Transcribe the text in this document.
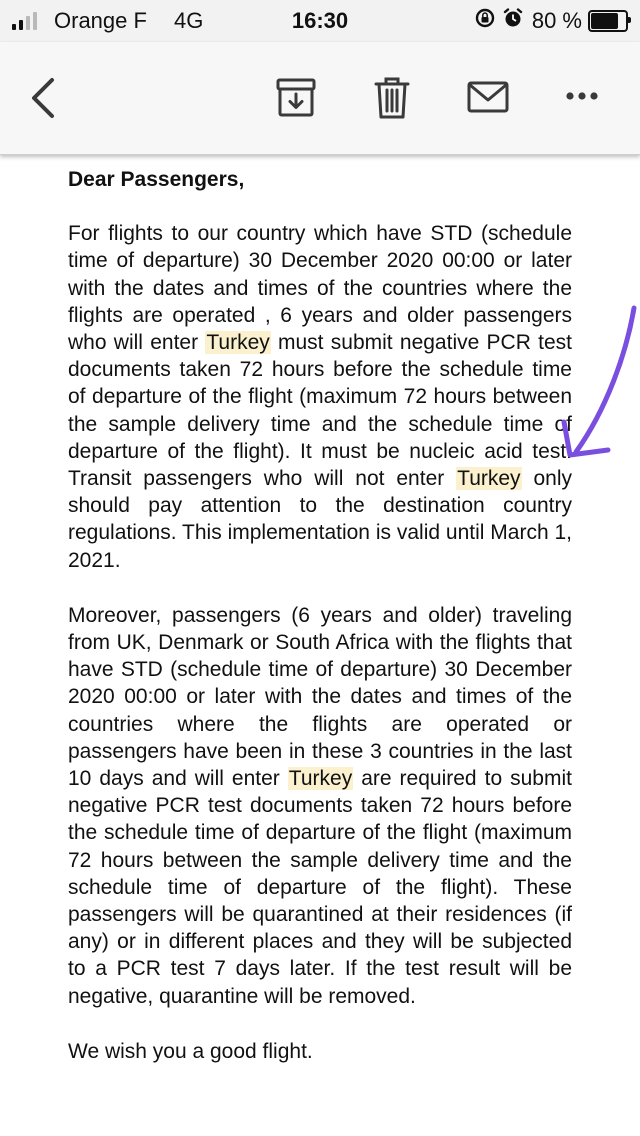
Orange F 4G	16:30	80 %

Dear Passengers,

For flights to our country which have STD (schedule time of departure) 30 December 2020 00:00 or later with the dates and times of the countries where the flights are operated , 6 years and older passengers who will enter Turkey must submit negative PCR test documents taken 72 hours before the schedule time of departure of the flight (maximum 72 hours between the sample delivery time and the schedule time of departure of the flight). It must be nucleic acid test. Transit passengers who will not enter Turkey only should pay attention to the destination country regulations. This implementation is valid until March 1, 2021.

Moreover, passengers (6 years and older) traveling from UK, Denmark or South Africa with the flights that have STD (schedule time of departure) 30 December 2020 00:00 or later with the dates and times of the countries where the flights are operated or passengers have been in these 3 countries in the last 10 days and will enter Turkey are required to submit negative PCR test documents taken 72 hours before the schedule time of departure of the flight (maximum 72 hours between the sample delivery time and the schedule time of departure of the flight). These passengers will be quarantined at their residences (if any) or in different places and they will be subjected to a PCR test 7 days later. If the test result will be negative, quarantine will be removed.

We wish you a good flight.
